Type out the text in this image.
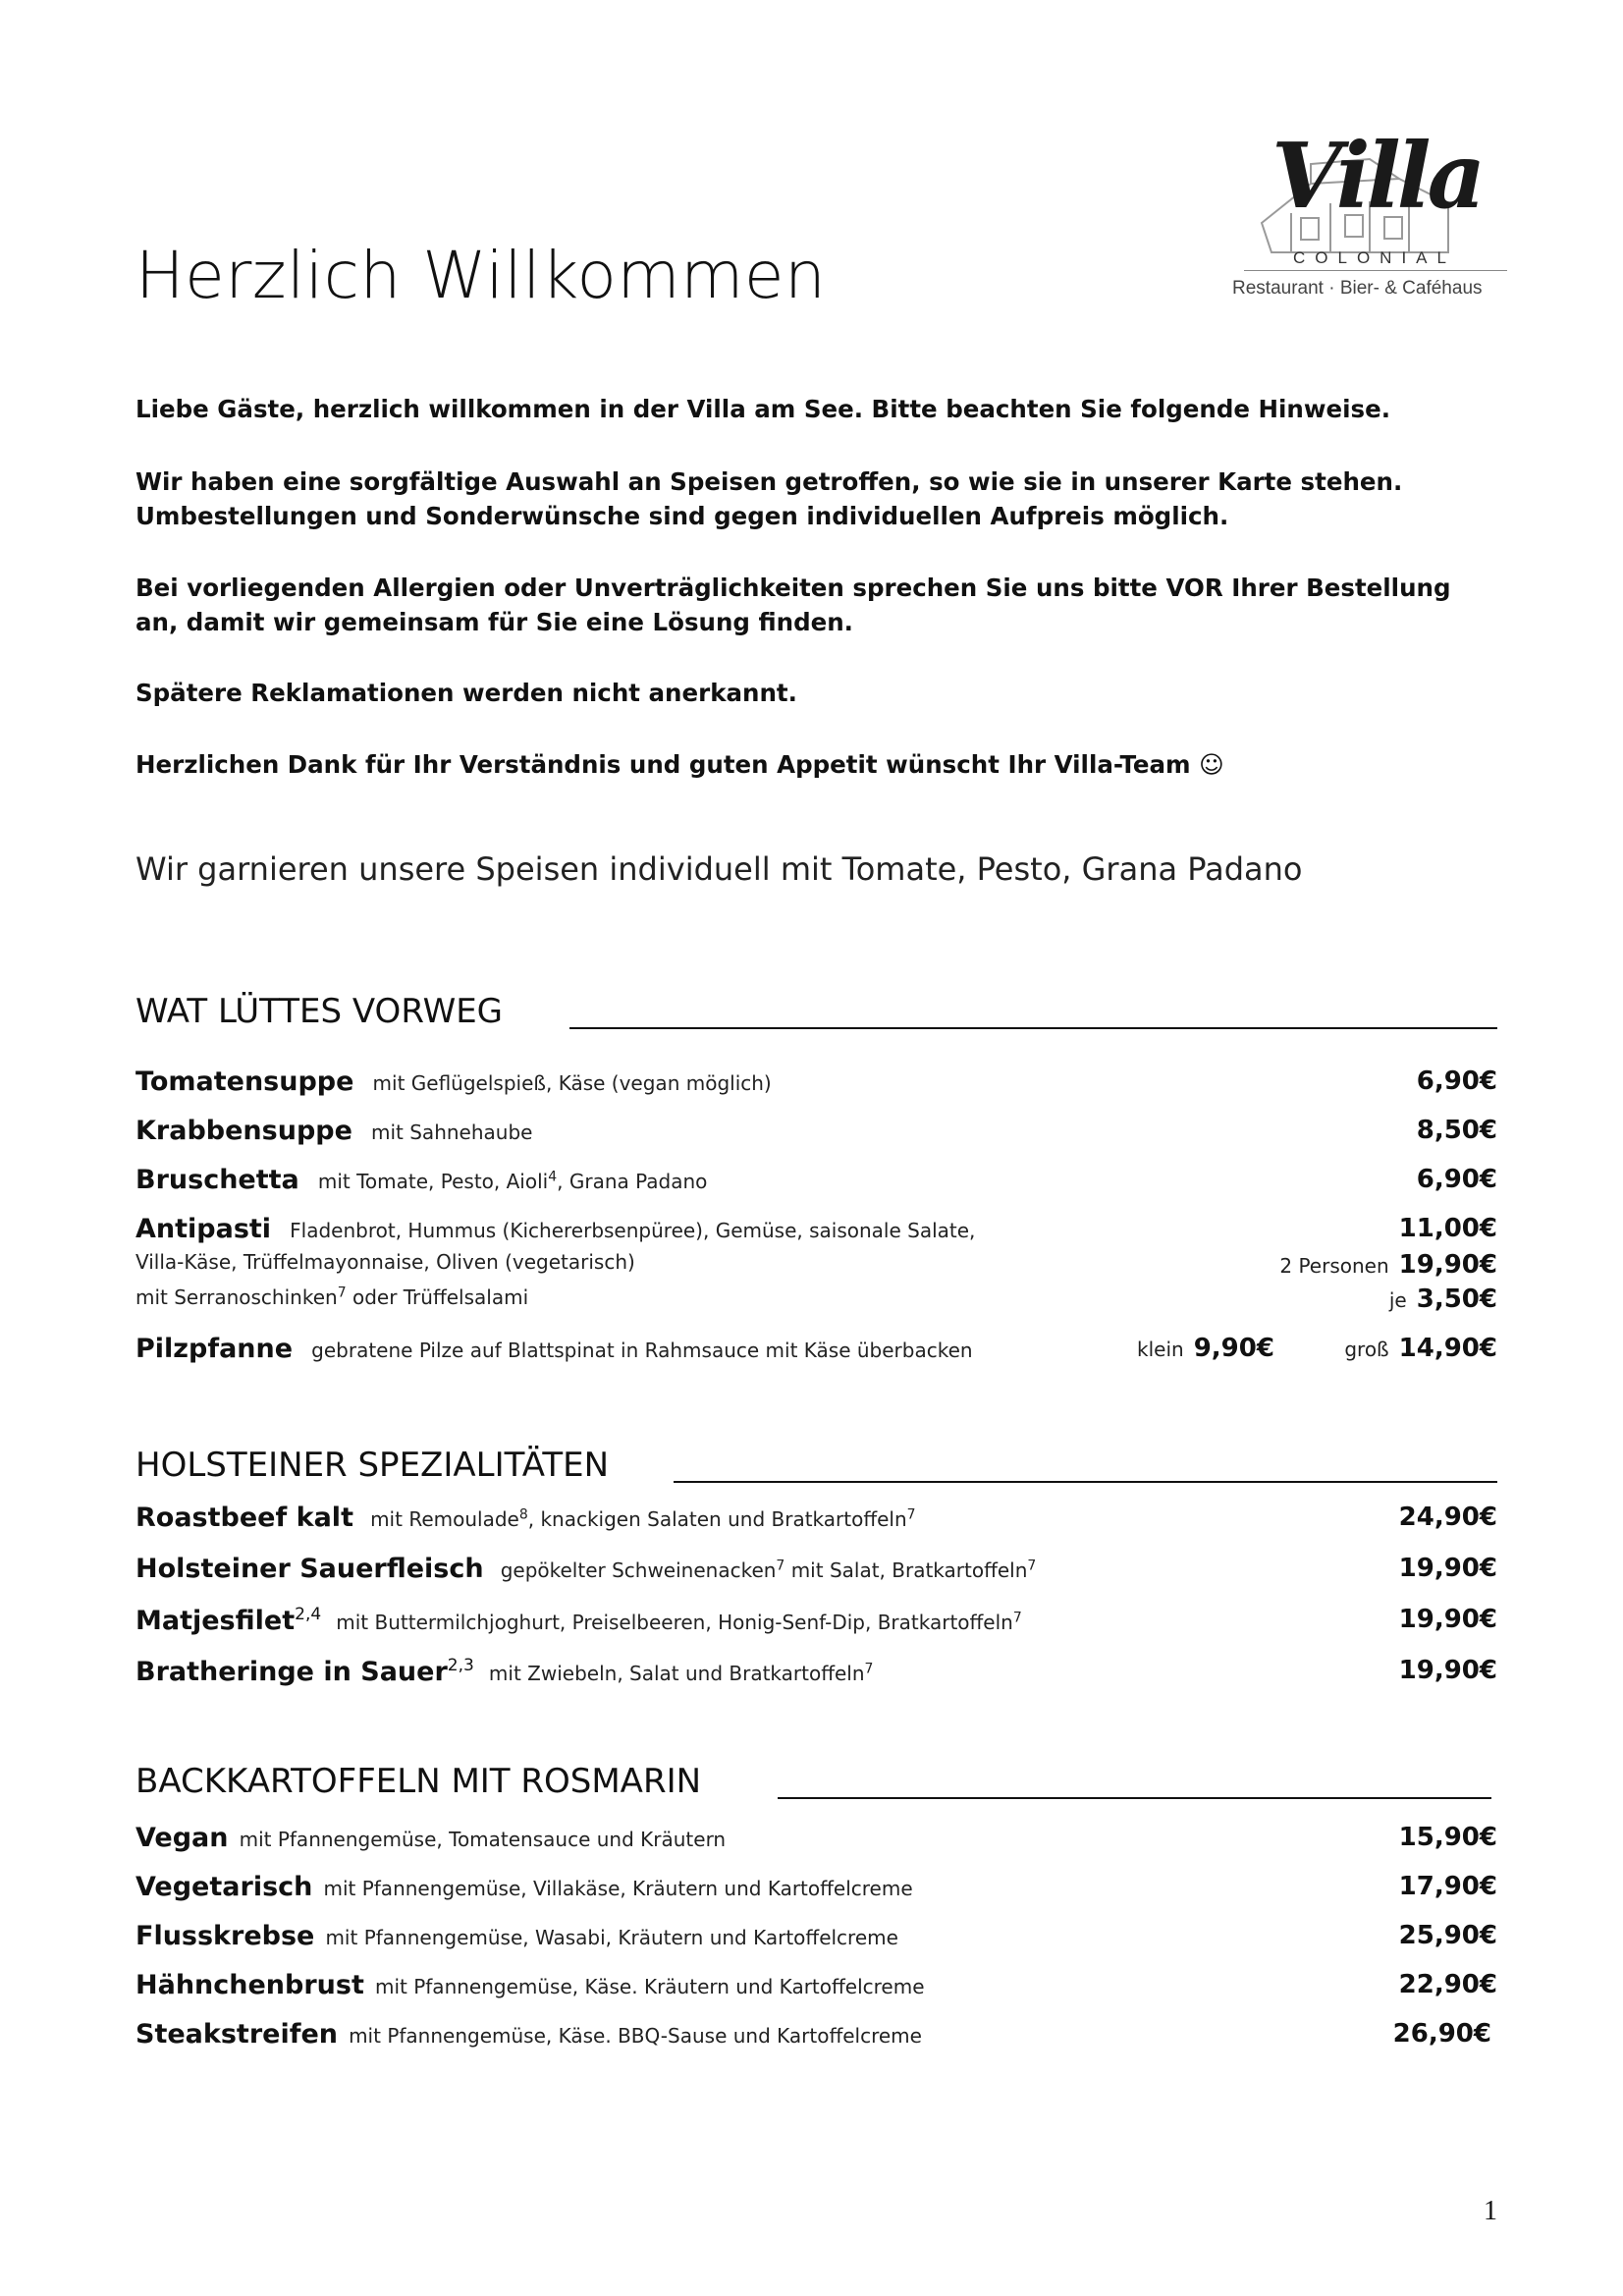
Villa
COLONIAL
Restaurant · Bier- & Caféhaus
Herzlich Willkommen
Liebe Gäste, herzlich willkommen in der Villa am See. Bitte beachten Sie folgende Hinweise.
Wir haben eine sorgfältige Auswahl an Speisen getroffen, so wie sie in unserer Karte stehen.
Umbestellungen und Sonderwünsche sind gegen individuellen Aufpreis möglich.
Bei vorliegenden Allergien oder Unverträglichkeiten sprechen Sie uns bitte VOR Ihrer Bestellung
an, damit wir gemeinsam für Sie eine Lösung finden.
Spätere Reklamationen werden nicht anerkannt.
Herzlichen Dank für Ihr Verständnis und guten Appetit wünscht Ihr Villa-Team ☺
Wir garnieren unsere Speisen individuell mit Tomate, Pesto, Grana Padano
WAT LÜTTES VORWEG
Tomatensuppe mit Geflügelspieß, Käse (vegan möglich)	6,90€
Krabbensuppe mit Sahnehaube	8,50€
Bruschetta mit Tomate, Pesto, Aioli$^4$, Grana Padano	6,90€
Antipasti Fladenbrot, Hummus (Kichererbsenpüree), Gemüse, saisonale Salate,	11,00€
Villa-Käse, Trüffelmayonnaise, Oliven (vegetarisch)	2 Personen 19,90€
mit Serranoschinken$^7$ oder Trüffelsalami	je 3,50€
Pilzpfanne gebratene Pilze auf Blattspinat in Rahmsauce mit Käse überbacken	klein 9,90€	groß 14,90€
HOLSTEINER SPEZIALITÄTEN
Roastbeef kalt mit Remoulade$^8$, knackigen Salaten und Bratkartoffeln$^7$	24,90€
Holsteiner Sauerfleisch gepökelter Schweinenacken$^7$ mit Salat, Bratkartoffeln$^7$	19,90€
Matjesfilet$^{2,4}$ mit Buttermilchjoghurt, Preiselbeeren, Honig-Senf-Dip, Bratkartoffeln$^7$	19,90€
Bratheringe in Sauer$^{2,3}$ mit Zwiebeln, Salat und Bratkartoffeln$^7$	19,90€
BACKKARTOFFELN MIT ROSMARIN
Vegan mit Pfannengemüse, Tomatensauce und Kräutern	15,90€
Vegetarisch mit Pfannengemüse, Villakäse, Kräutern und Kartoffelcreme	17,90€
Flusskrebse mit Pfannengemüse, Wasabi, Kräutern und Kartoffelcreme	25,90€
Hähnchenbrust mit Pfannengemüse, Käse. Kräutern und Kartoffelcreme	22,90€
Steakstreifen mit Pfannengemüse, Käse. BBQ-Sause und Kartoffelcreme	26,90€
1
